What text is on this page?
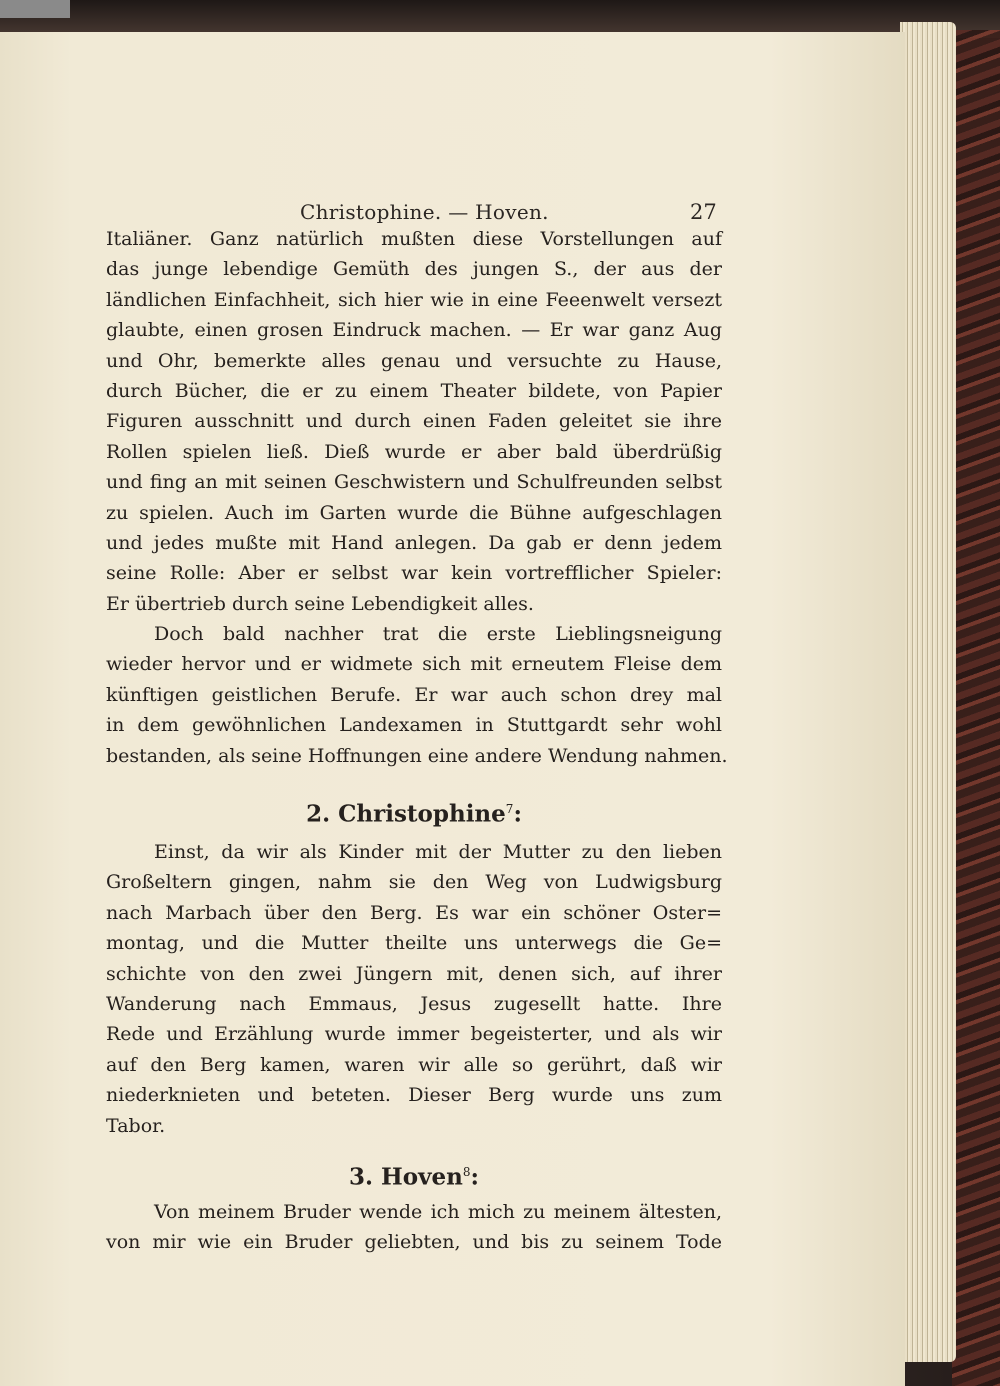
Christophine. — Hoven.	27
Italiäner. Ganz natürlich mußten diese Vorstellungen auf
das junge lebendige Gemüth des jungen S., der aus der
ländlichen Einfachheit, sich hier wie in eine Feeenwelt versezt
glaubte, einen grosen Eindruck machen. — Er war ganz Aug
und Ohr, bemerkte alles genau und versuchte zu Hause,
durch Bücher, die er zu einem Theater bildete, von Papier
Figuren ausschnitt und durch einen Faden geleitet sie ihre
Rollen spielen ließ. Dieß wurde er aber bald überdrüßig
und fing an mit seinen Geschwistern und Schulfreunden selbst
zu spielen. Auch im Garten wurde die Bühne aufgeschlagen
und jedes mußte mit Hand anlegen. Da gab er denn jedem
seine Rolle: Aber er selbst war kein vortrefflicher Spieler:
Er übertrieb durch seine Lebendigkeit alles.
Doch bald nachher trat die erste Lieblingsneigung
wieder hervor und er widmete sich mit erneutem Fleise dem
künftigen geistlichen Berufe. Er war auch schon drey mal
in dem gewöhnlichen Landexamen in Stuttgardt sehr wohl
bestanden, als seine Hoffnungen eine andere Wendung nahmen.
2. Christophine$^7$:
Einst, da wir als Kinder mit der Mutter zu den lieben
Großeltern gingen, nahm sie den Weg von Ludwigsburg
nach Marbach über den Berg. Es war ein schöner Oster=
montag, und die Mutter theilte uns unterwegs die Ge=
schichte von den zwei Jüngern mit, denen sich, auf ihrer
Wanderung nach Emmaus, Jesus zugesellt hatte. Ihre
Rede und Erzählung wurde immer begeisterter, und als wir
auf den Berg kamen, waren wir alle so gerührt, daß wir
niederknieten und beteten. Dieser Berg wurde uns zum
Tabor.
3. Hoven$^8$:
Von meinem Bruder wende ich mich zu meinem ältesten,
von mir wie ein Bruder geliebten, und bis zu seinem Tode
